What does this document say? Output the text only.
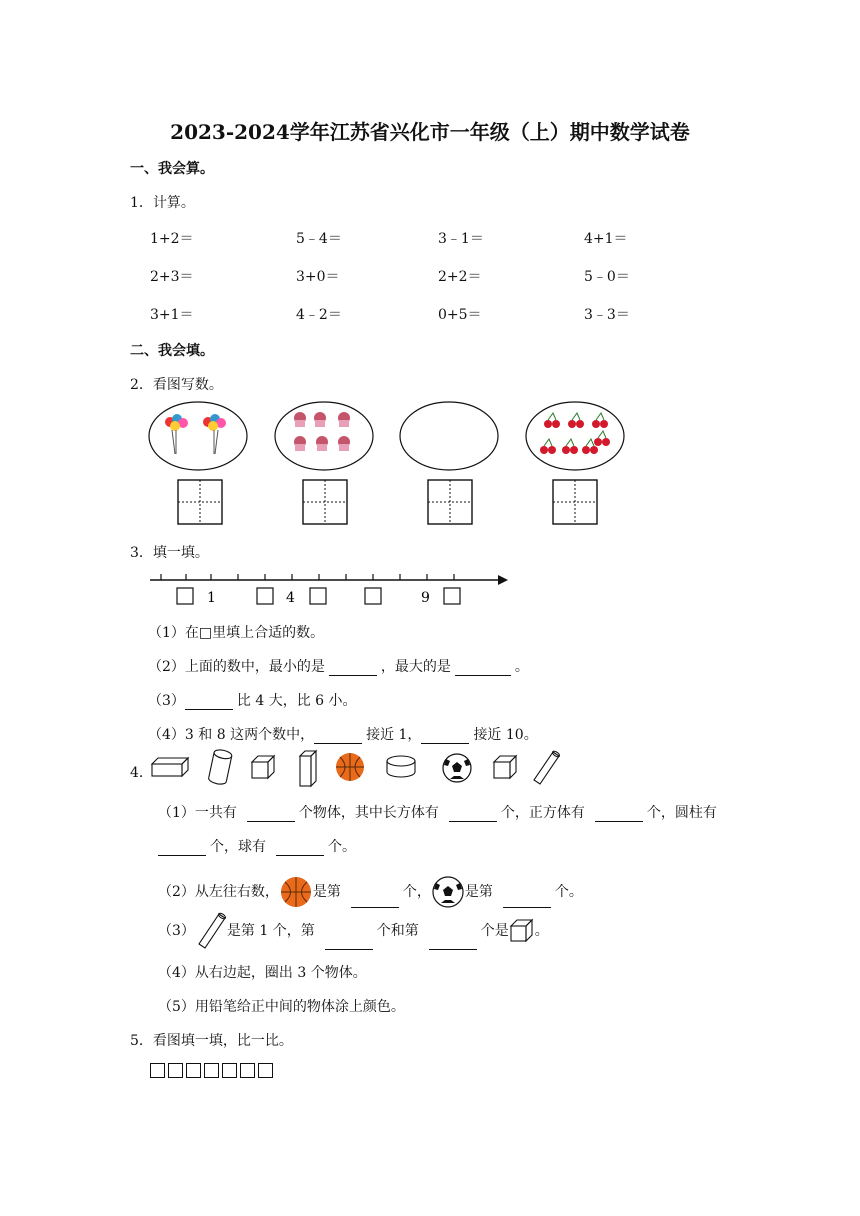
2023-2024学年江苏省兴化市一年级（上）期中数学试卷
一、我会算。
1．计算。
1+2＝	5﹣4＝	3﹣1＝	4+1＝
2+3＝	3+0＝	2+2＝	5﹣0＝
3+1＝	4﹣2＝	0+5＝	3﹣3＝
二、我会填。
2．看图写数。
3．填一填。
1	4	9
（1）在□里填上合适的数。
（2）上面的数中，最小的是	，最大的是	。
（3）	比 4 大，比 6 小。
（4）3 和 8 这两个数中，	接近 1，	接近 10。
4．
（1）一共有	个物体，其中长方体有	个，正方体有	个，圆柱有
个，球有	个。
（2）从左往右数， 是第	个， 是第	个。
（3） 是第 1 个，第	个和第	个是 。
（4）从右边起，圈出 3 个物体。
（5）用铅笔给正中间的物体涂上颜色。
5．看图填一填，比一比。
